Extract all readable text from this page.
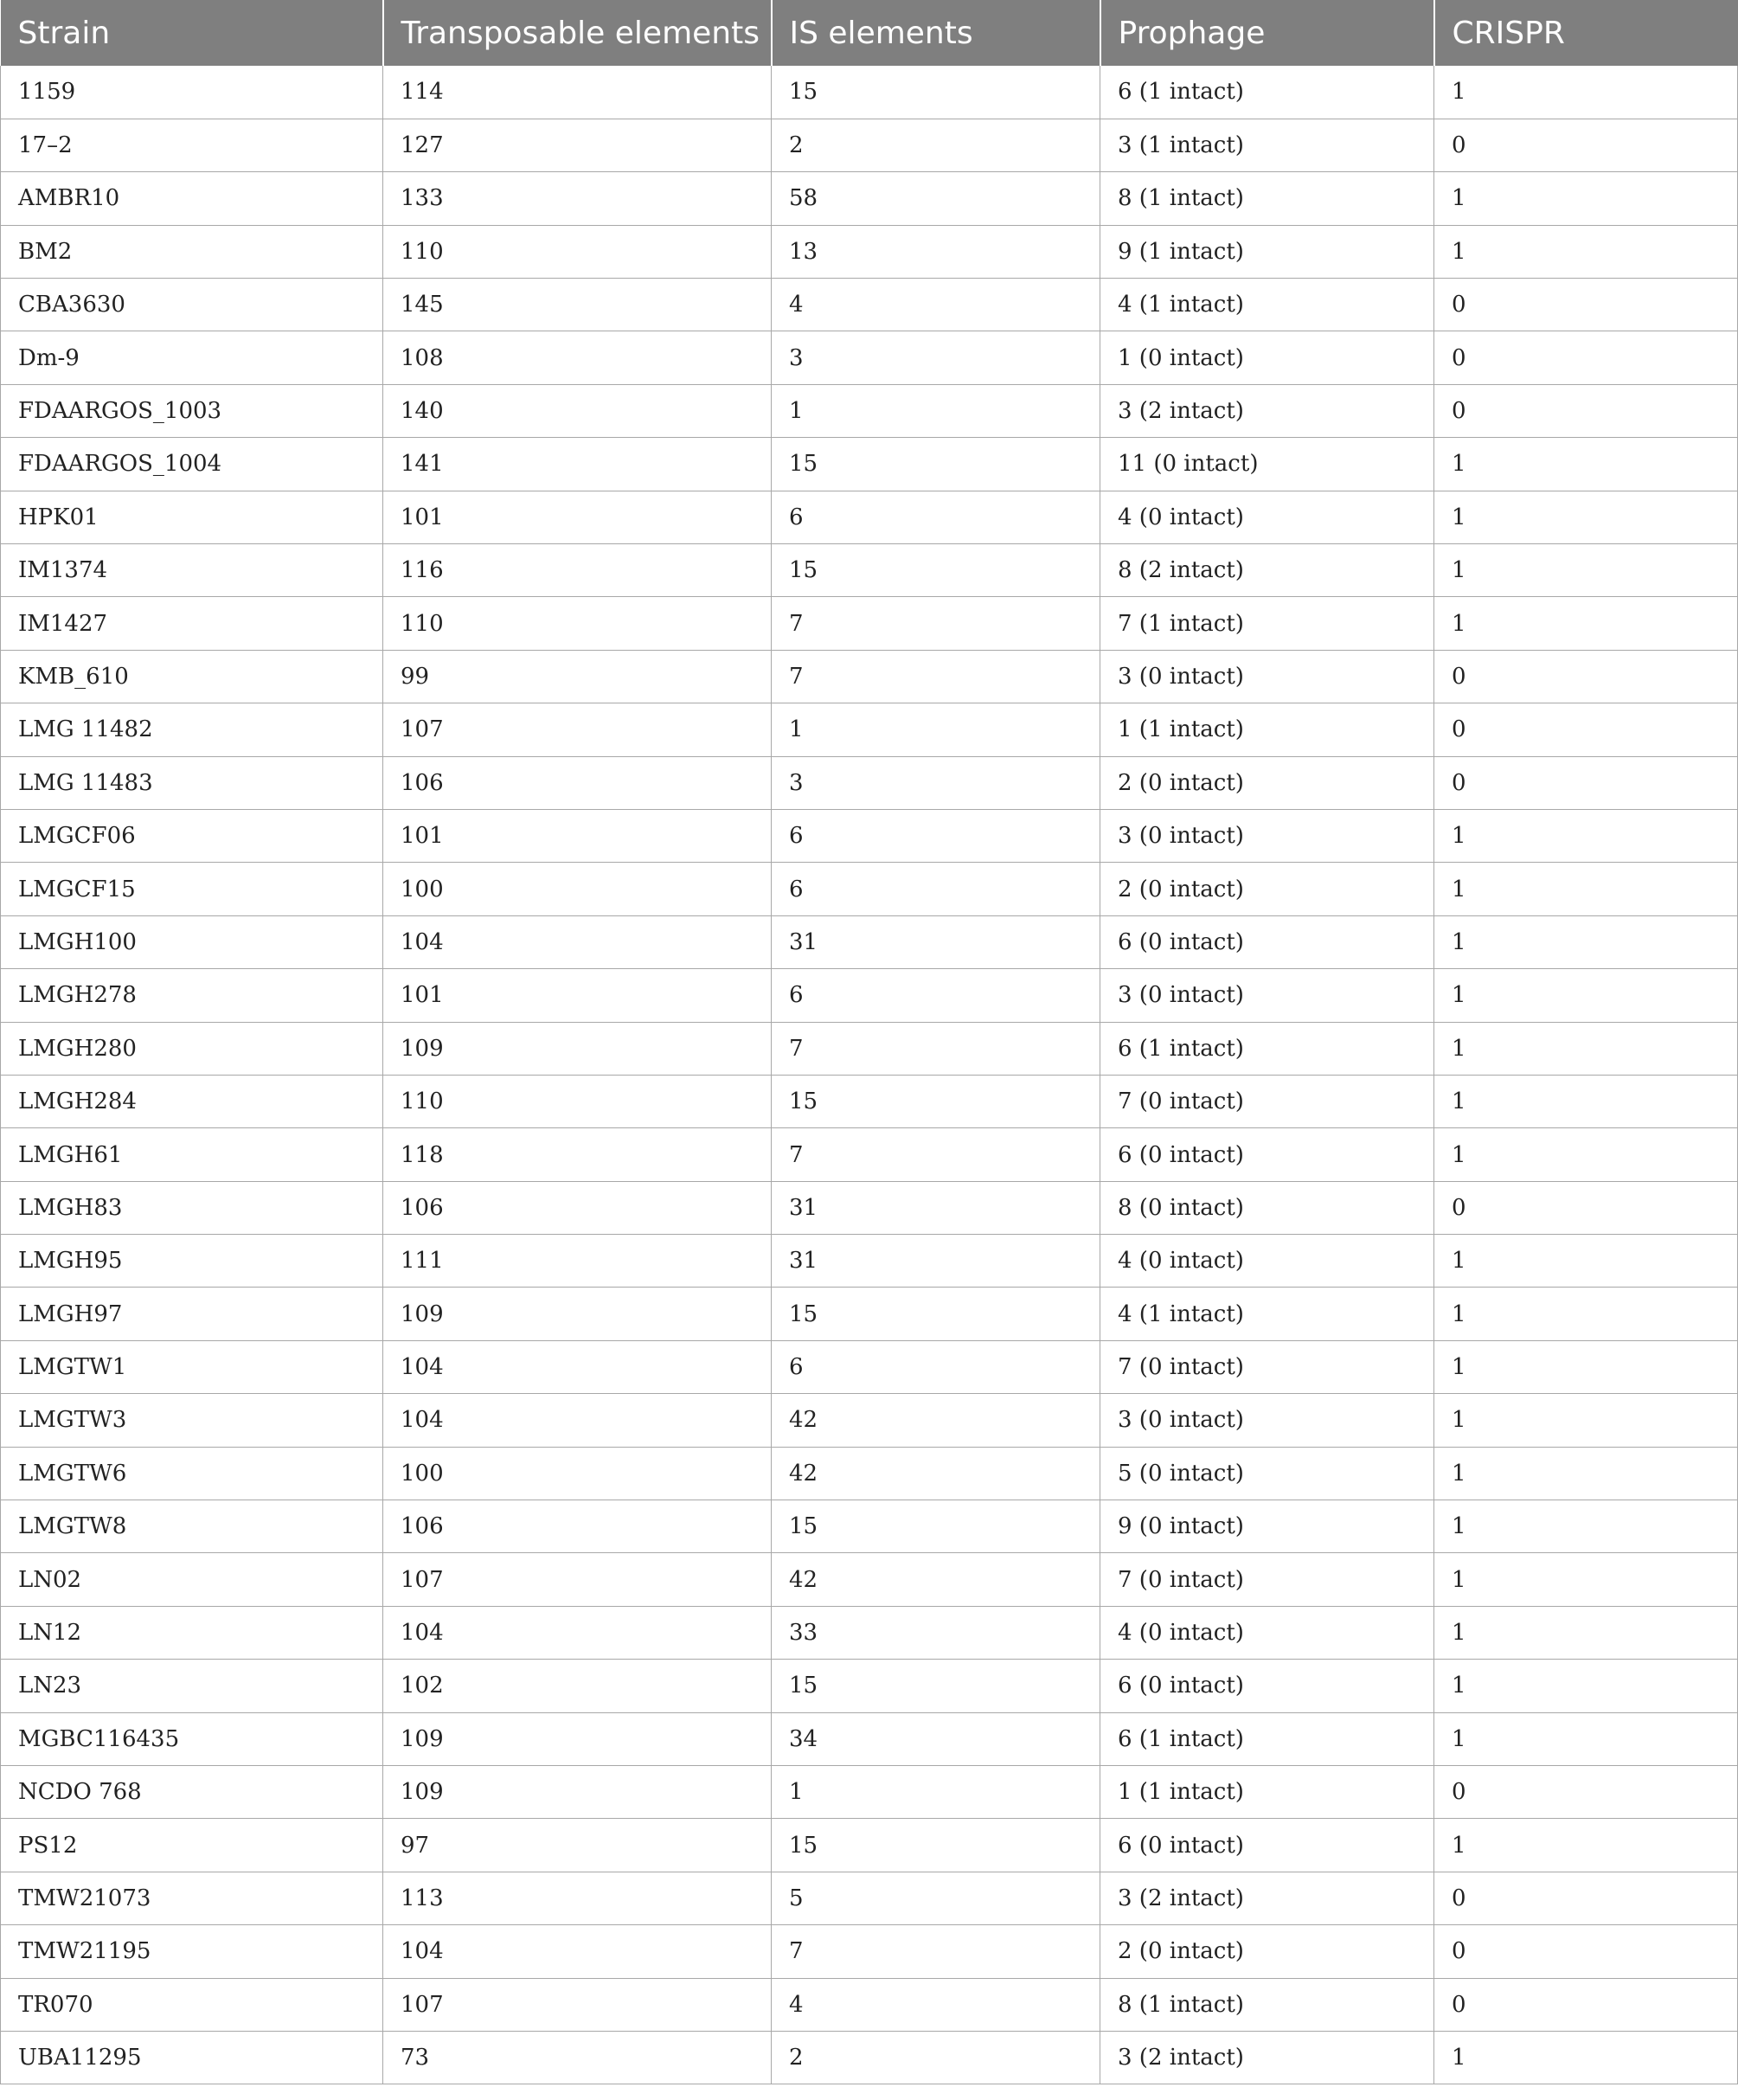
Strain	Transposable elements	IS elements	Prophage	CRISPR
1159	114	15	6 (1 intact)	1
17–2	127	2	3 (1 intact)	0
AMBR10	133	58	8 (1 intact)	1
BM2	110	13	9 (1 intact)	1
CBA3630	145	4	4 (1 intact)	0
Dm-9	108	3	1 (0 intact)	0
FDAARGOS_1003	140	1	3 (2 intact)	0
FDAARGOS_1004	141	15	11 (0 intact)	1
HPK01	101	6	4 (0 intact)	1
IM1374	116	15	8 (2 intact)	1
IM1427	110	7	7 (1 intact)	1
KMB_610	99	7	3 (0 intact)	0
LMG 11482	107	1	1 (1 intact)	0
LMG 11483	106	3	2 (0 intact)	0
LMGCF06	101	6	3 (0 intact)	1
LMGCF15	100	6	2 (0 intact)	1
LMGH100	104	31	6 (0 intact)	1
LMGH278	101	6	3 (0 intact)	1
LMGH280	109	7	6 (1 intact)	1
LMGH284	110	15	7 (0 intact)	1
LMGH61	118	7	6 (0 intact)	1
LMGH83	106	31	8 (0 intact)	0
LMGH95	111	31	4 (0 intact)	1
LMGH97	109	15	4 (1 intact)	1
LMGTW1	104	6	7 (0 intact)	1
LMGTW3	104	42	3 (0 intact)	1
LMGTW6	100	42	5 (0 intact)	1
LMGTW8	106	15	9 (0 intact)	1
LN02	107	42	7 (0 intact)	1
LN12	104	33	4 (0 intact)	1
LN23	102	15	6 (0 intact)	1
MGBC116435	109	34	6 (1 intact)	1
NCDO 768	109	1	1 (1 intact)	0
PS12	97	15	6 (0 intact)	1
TMW21073	113	5	3 (2 intact)	0
TMW21195	104	7	2 (0 intact)	0
TR070	107	4	8 (1 intact)	0
UBA11295	73	2	3 (2 intact)	1
